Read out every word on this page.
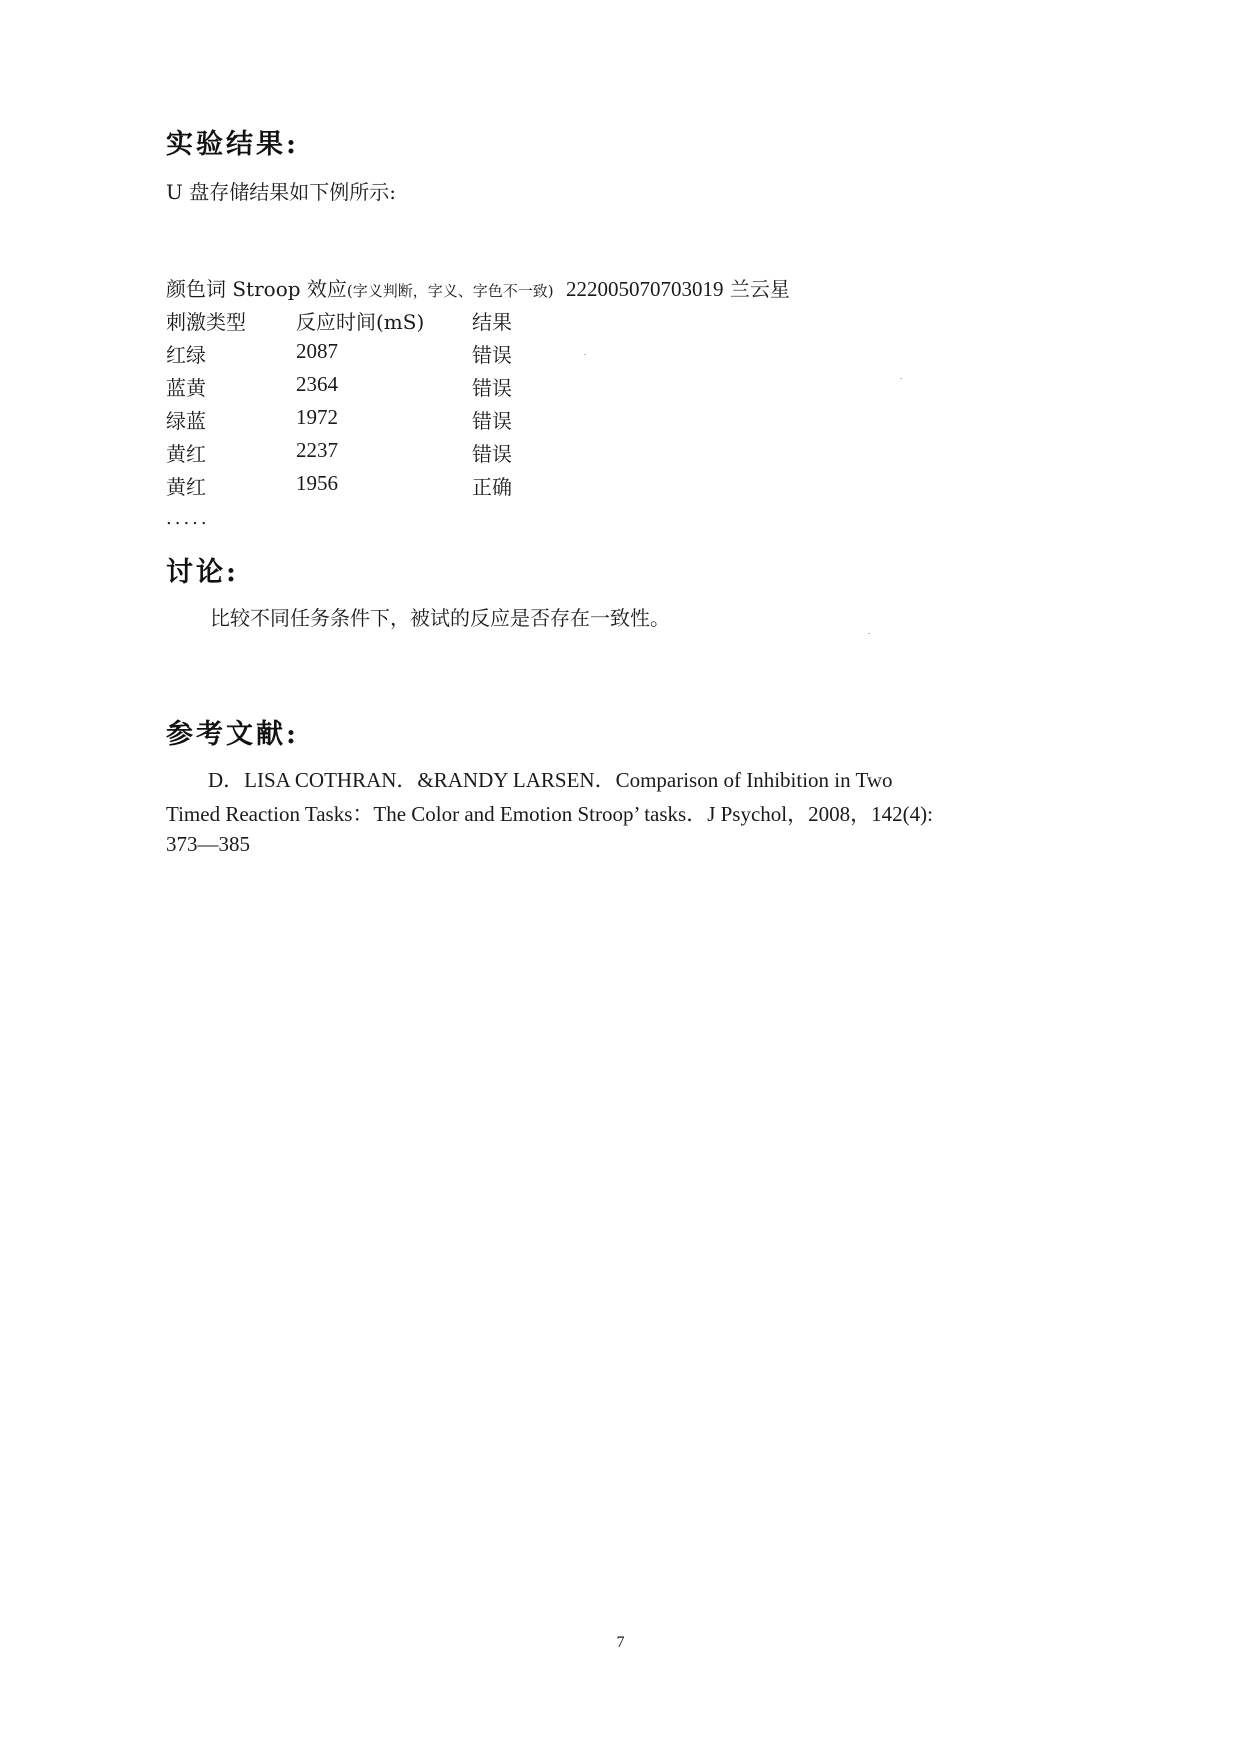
实验结果:
U 盘存储结果如下例所示:
颜色词 Stroop 效应(字义判断，字义、字色不一致) 222005070703019 兰云星
刺激类型	反应时间(mS) 结果
红绿	2087	错误
蓝黄	2364	错误
绿蓝	1972	错误
黄红	2237	错误
黄红	1956	正确
.....
讨论:
比较不同任务条件下，被试的反应是否存在一致性。
参考文献:
D．LISA COTHRAN．&RANDY LARSEN．Comparison of Inhibition in Two
Timed Reaction Tasks：The Color and Emotion Stroop’ tasks．J Psychol，2008，142(4):
373—385
7
